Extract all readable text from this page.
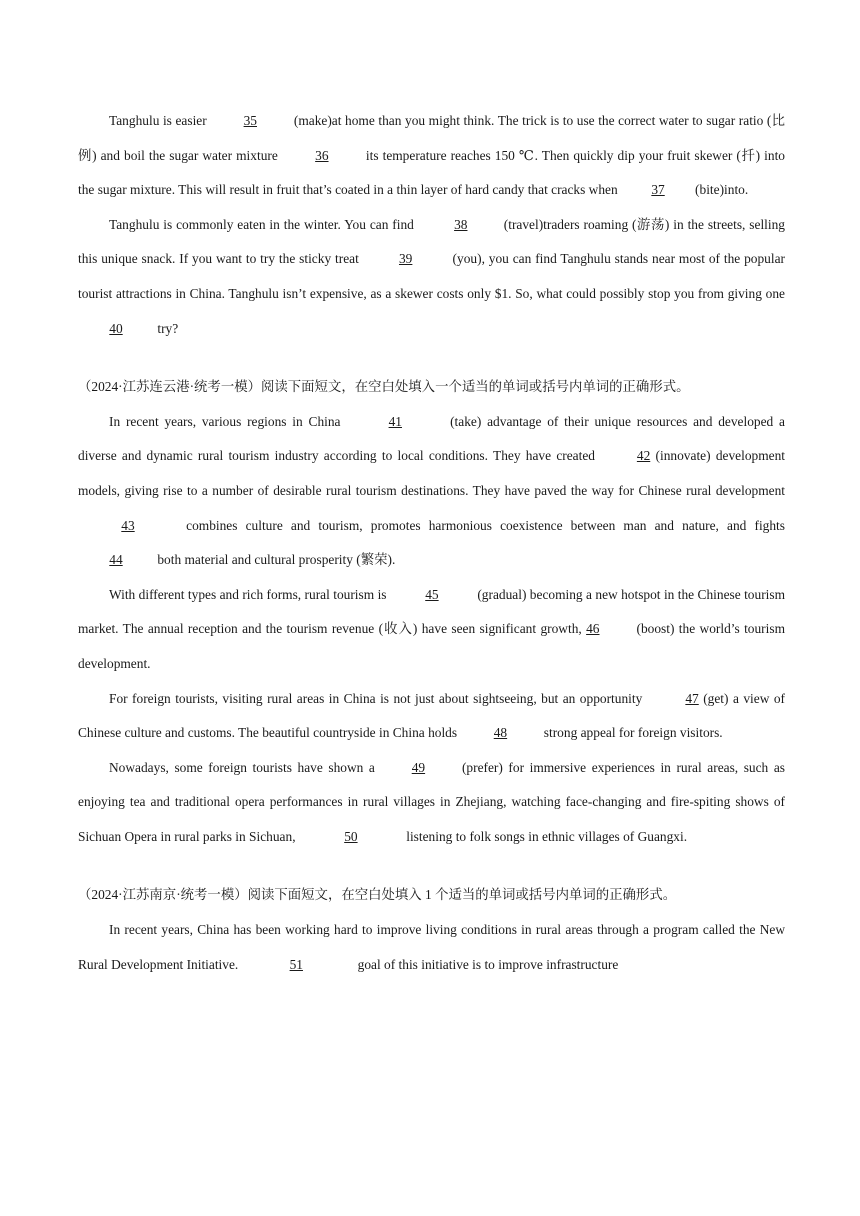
Tanghulu is easier 35 (make)at home than you might think. The trick is to use the correct water to sugar ratio (比例) and boil the sugar water mixture 36 its temperature reaches 150 ℃. Then quickly dip your fruit skewer (扦) into the sugar mixture. This will result in fruit that’s coated in a thin layer of hard candy that cracks when 37 (bite)into.

Tanghulu is commonly eaten in the winter. You can find	38	(travel)traders roaming (游荡) in the streets, selling this unique snack. If you want to try the sticky treat	39	(you), you can find Tanghulu stands near most of the popular tourist attractions in China. Tanghulu isn’t expensive, as a skewer costs only $1. So, what could possibly stop you from giving one 40 try?

（2024·江苏连云港·统考一模）阅读下面短文，在空白处填入一个适当的单词或括号内单词的正确形式。

In recent years, various regions in China	41	(take) advantage of their unique resources and developed a diverse and dynamic rural tourism industry according to local conditions. They have created	42 (innovate) development models, giving rise to a number of desirable rural tourism destinations. They have paved the way for Chinese rural development 43	combines culture and tourism, promotes harmonious coexistence between man and nature, and fights 44 both material and cultural prosperity (繁荣).

With different types and rich forms, rural tourism is	45	(gradual) becoming a new hotspot in the Chinese tourism market. The annual reception and the tourism revenue (收入) have seen significant growth, 46 (boost) the world’s tourism development.

For foreign tourists, visiting rural areas in China is not just about sightseeing, but an opportunity	47 (get) a view of Chinese culture and customs. The beautiful countryside in China holds 48 strong appeal for foreign visitors.

Nowadays, some foreign tourists have shown a 49 (prefer) for immersive experiences in rural areas, such as enjoying tea and traditional opera performances in rural villages in Zhejiang, watching face-changing and fire-spiting shows of Sichuan Opera in rural parks in Sichuan,	50	listening to folk songs in ethnic villages of Guangxi.

（2024·江苏南京·统考一模）阅读下面短文，在空白处填入 1 个适当的单词或括号内单词的正确形式。

In recent years, China has been working hard to improve living conditions in rural areas through a program called the New Rural Development Initiative.	51	goal of this initiative is to improve infrastructure
